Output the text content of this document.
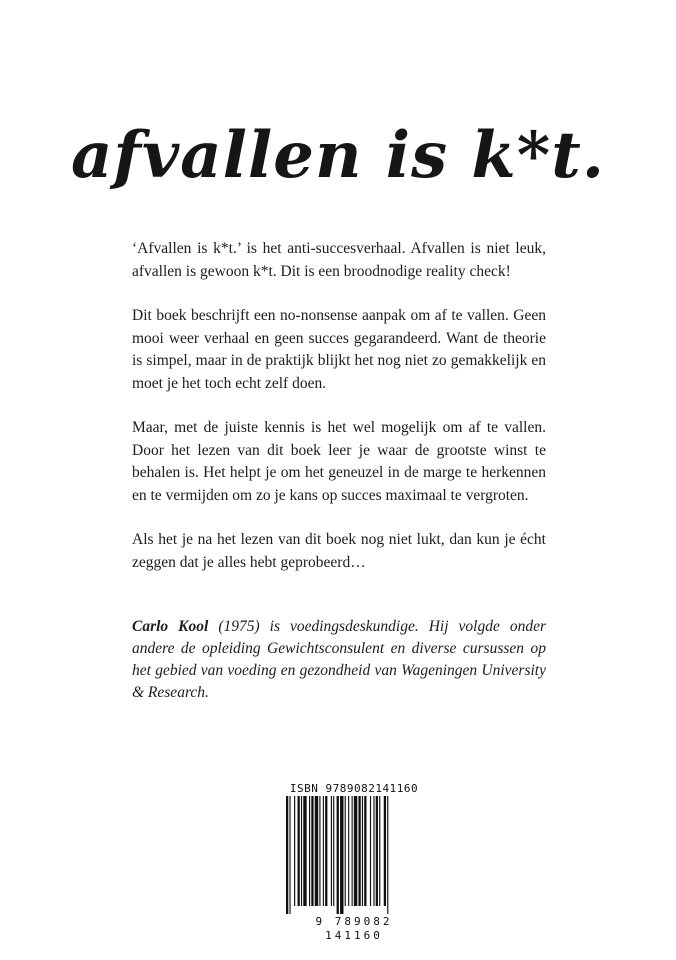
afvallen is k*t.

‘Afvallen is k*t.’ is het anti-succesverhaal. Afvallen is niet leuk, afvallen is gewoon k*t. Dit is een broodnodige reality check!

Dit boek beschrijft een no-nonsense aanpak om af te vallen. Geen mooi weer verhaal en geen succes gegarandeerd. Want de theorie is simpel, maar in de praktijk blijkt het nog niet zo gemakkelijk en moet je het toch echt zelf doen.

Maar, met de juiste kennis is het wel mogelijk om af te vallen. Door het lezen van dit boek leer je waar de grootste winst te behalen is. Het helpt je om het geneuzel in de marge te herkennen en te vermijden om zo je kans op succes maximaal te vergroten.

Als het je na het lezen van dit boek nog niet lukt, dan kun je écht zeggen dat je alles hebt geprobeerd…

Carlo Kool (1975) is voedingsdeskundige. Hij volgde onder andere de opleiding Gewichtsconsulent en diverse cursussen op het gebied van voeding en gezondheid van Wageningen University & Research.

ISBN 9789082141160
9 789082 141160
